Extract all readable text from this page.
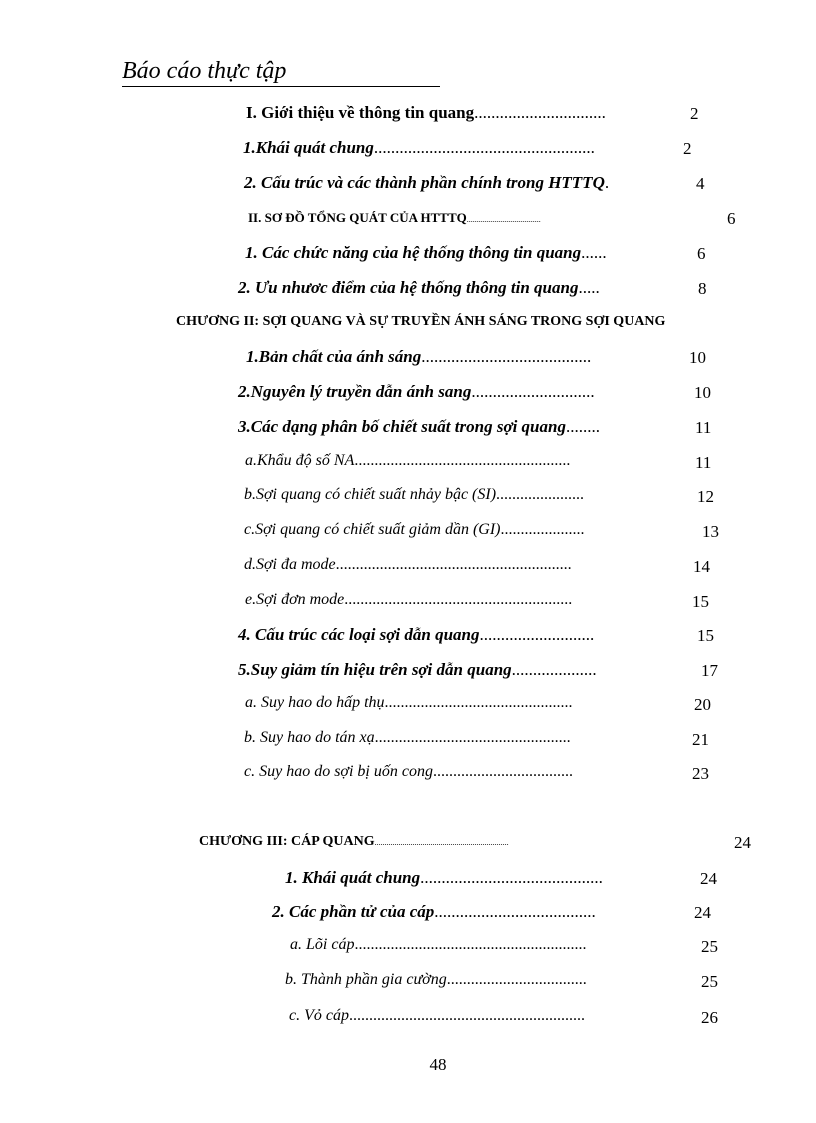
Báo cáo thực tập
I. Giới thiệu về thông tin quang...............................	2
1.Khái quát chung....................................................	2
2. Cấu trúc và các thành phần chính trong HTTTQ.	4
II. SƠ ĐỒ TỔNG QUÁT CỦA HTTTQ.....................................	6
1. Các chức năng của hệ thống thông tin quang......	6
2. Ưu nhươc điểm của hệ thống thông tin quang.....	8
CHƯƠNG II: SỢI QUANG VÀ SỰ TRUYỀN ÁNH SÁNG TRONG SỢI QUANG
1.Bản chất của ánh sáng........................................	10
2.Nguyên lý truyền dẫn ánh sang.............................	10
3.Các dạng phân bố chiết suất trong sợi quang........	11
a.Khẩu độ số NA......................................................	11
b.Sợi quang có chiết suất nhảy bậc (SI)......................	12
c.Sợi quang có chiết suất giảm dần (GI).....................	13
d.Sợi đa mode...........................................................	14
e.Sợi đơn mode.........................................................	15
4. Cấu trúc các loại sợi dẫn quang...........................	15
5.Suy giảm tín hiệu trên sợi dẫn quang....................	17
a. Suy hao do hấp thụ...............................................	20
b. Suy hao do tán xạ.................................................	21
c. Suy hao do sợi bị uốn cong...................................	23
CHƯƠNG III: CÁP QUANG...................................................................	24
1. Khái quát chung...........................................	24
2. Các phần tử của cáp......................................	24
a. Lõi cáp..........................................................	25
b. Thành phần gia cường...................................	25
c. Vỏ cáp...........................................................	26
48
